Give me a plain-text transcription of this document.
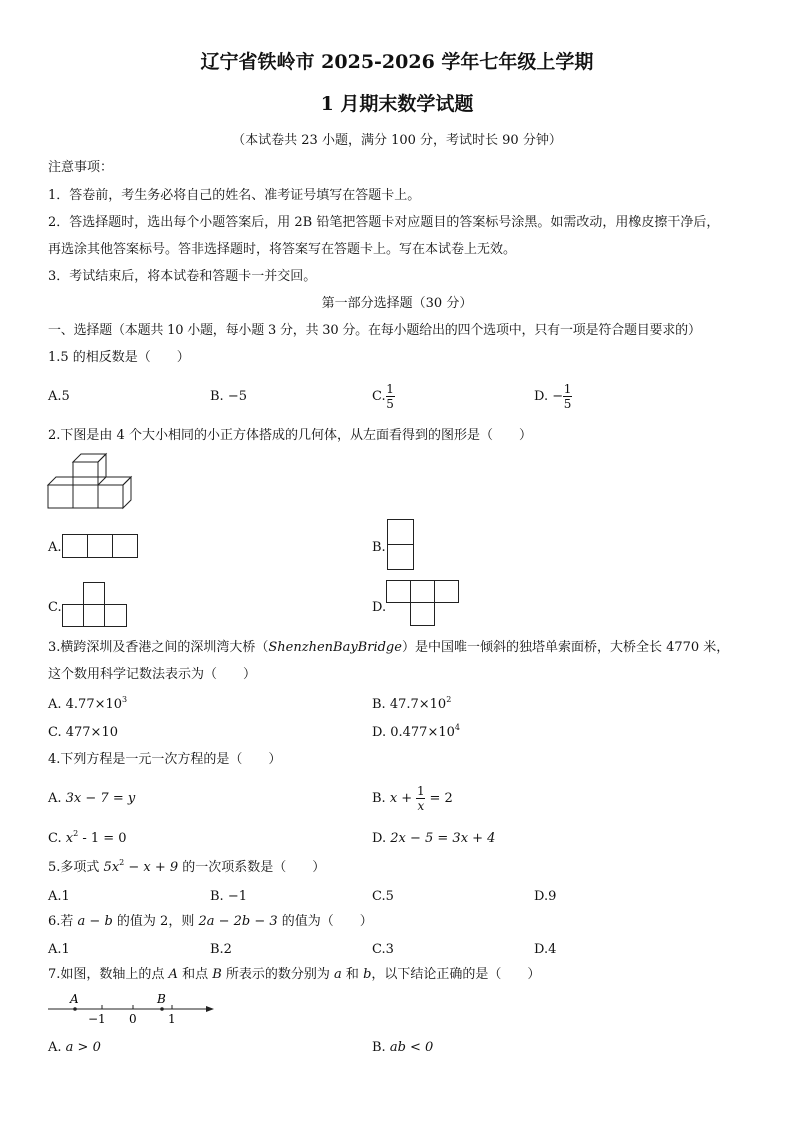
辽宁省铁岭市 2025-2026 学年七年级上学期
1 月期末数学试题
（本试卷共 23 小题，满分 100 分，考试时长 90 分钟）
注意事项：
1．答卷前，考生务必将自己的姓名、准考证号填写在答题卡上。
2．答选择题时，选出每个小题答案后，用 2B 铅笔把答题卡对应题目的答案标号涂黑。如需改动，用橡皮擦干净后，
再选涂其他答案标号。答非选择题时，将答案写在答题卡上。写在本试卷上无效。
3．考试结束后，将本试卷和答题卡一并交回。
第一部分选择题（30 分）
一、选择题（本题共 10 小题，每小题 3 分，共 30 分。在每小题给出的四个选项中，只有一项是符合题目要求的）
1.5 的相反数是（　　）
A.5	B. −5	C. $\frac{1}{5}$	D. − $\frac{1}{5}$
2.下图是由 4 个大小相同的小正方体搭成的几何体，从左面看得到的图形是（　　）
A.	B.
C.	D.
3.横跨深圳及香港之间的深圳湾大桥（ShenzhenBayBridge）是中国唯一倾斜的独塔单索面桥，大桥全长 4770 米，
这个数用科学记数法表示为（　　）
A. $4.77\times 10^3$	B. $47.7\times 10^2$
C. 477×10	D. $0.477\times 10^4$
4.下列方程是一元一次方程的是（　　）
A. 3x − 7 = y	B. $x + \frac{1}{x} = 2$
C. $x^2 - 1 = 0$	D. 2x − 5 = 3x + 4
5.多项式 $5x^2 - x + 9$ 的一次项系数是（　　）
A.1	B. −1	C.5	D.9
6.若 a − b 的值为 2，则 2a − 2b − 3 的值为（　　）
A.1	B.2	C.3	D.4
7.如图，数轴上的点 A 和点 B 所表示的数分别为 a 和 b，以下结论正确的是（　　）
A	B
−1 0	1
A. a > 0	B. ab < 0
